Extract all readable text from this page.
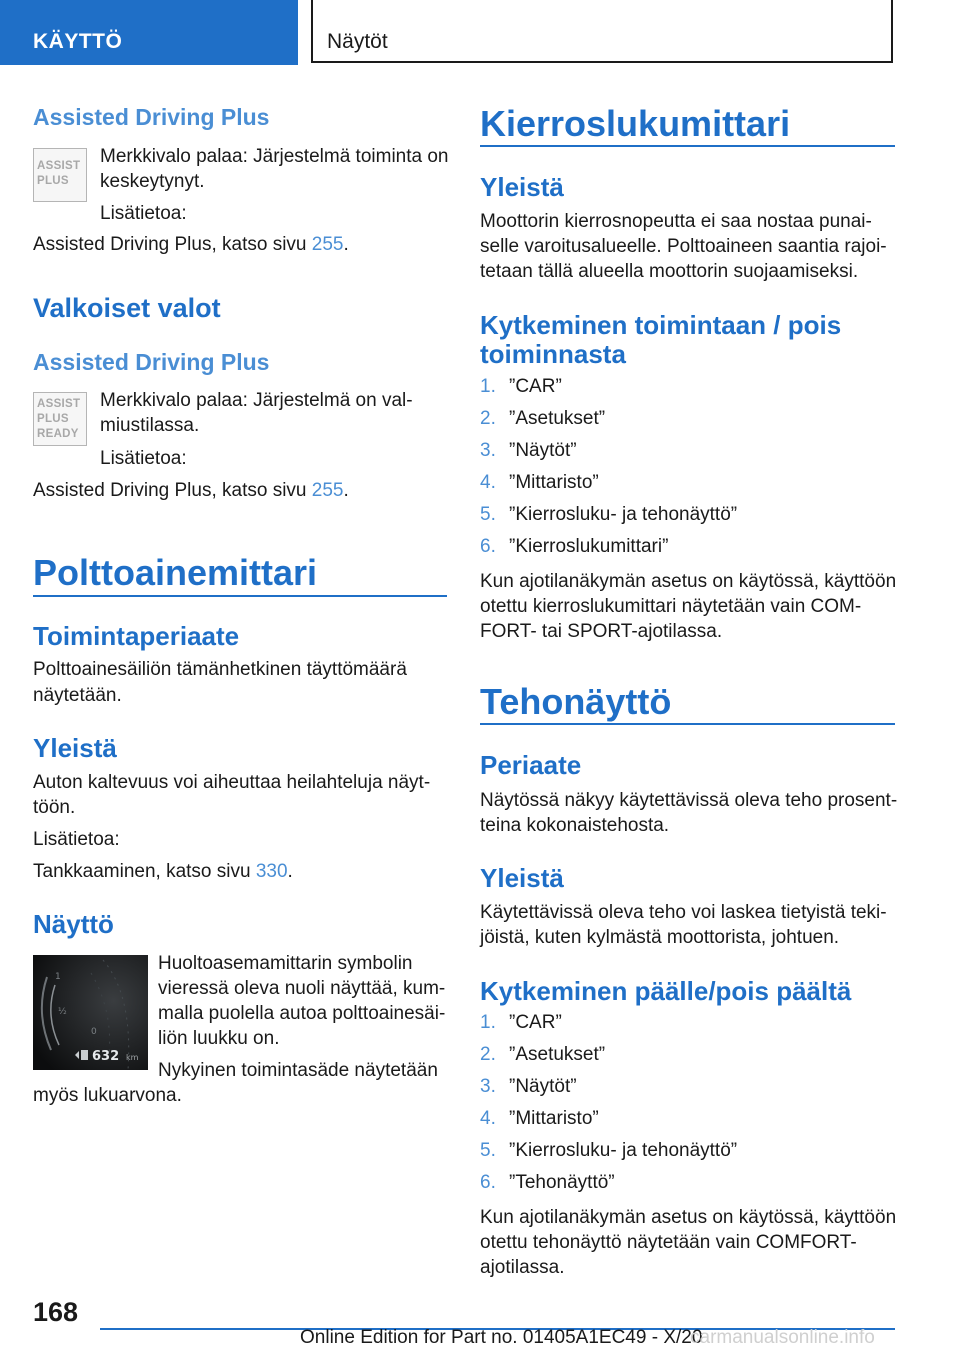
KÄYTTÖ	Näytöt
Assisted Driving Plus
ASSIST
PLUS
Merkkivalo palaa: Järjestelmä toiminta on
keskeytynyt.
Lisätietoa:
Assisted Driving Plus, katso sivu 255.
Valkoiset valot
Assisted Driving Plus
ASSIST
PLUS
READY
Merkkivalo palaa: Järjestelmä on val-
miustilassa.
Lisätietoa:
Assisted Driving Plus, katso sivu 255.
Polttoainemittari
Toimintaperiaate
Polttoainesäiliön tämänhetkinen täyttömäärä
näytetään.
Yleistä
Auton kaltevuus voi aiheuttaa heilahteluja näyt-
töön.
Lisätietoa:
Tankkaaminen, katso sivu 330.
Näyttö
1
½
0
632 km
Huoltoasemamittarin symbolin
vieressä oleva nuoli näyttää, kum-
malla puolella autoa polttoainesäi-
liön luukku on.
Nykyinen toimintasäde näytetään
myös lukuarvona.
Kierroslukumittari
Yleistä
Moottorin kierrosnopeutta ei saa nostaa punai-
selle varoitusalueelle. Polttoaineen saantia rajoi-
tetaan tällä alueella moottorin suojaamiseksi.
Kytkeminen toimintaan / pois
toiminnasta
1. ”CAR”
2. ”Asetukset”
3. ”Näytöt”
4. ”Mittaristo”
5. ”Kierrosluku- ja tehonäyttö”
6. ”Kierroslukumittari”
Kun ajotilanäkymän asetus on käytössä, käyttöön
otettu kierroslukumittari näytetään vain COM‐
FORT- tai SPORT-ajotilassa.
Tehonäyttö
Periaate
Näytössä näkyy käytettävissä oleva teho prosent-
teina kokonaistehosta.
Yleistä
Käytettävissä oleva teho voi laskea tietyistä teki-
jöistä, kuten kylmästä moottorista, johtuen.
Kytkeminen päälle/pois päältä
1. ”CAR”
2. ”Asetukset”
3. ”Näytöt”
4. ”Mittaristo”
5. ”Kierrosluku- ja tehonäyttö”
6. ”Tehonäyttö”
Kun ajotilanäkymän asetus on käytössä, käyttöön
otettu tehonäyttö näytetään vain COMFORT-
ajotilassa.
168
Online Edition for Part no. 01405A1EC49 - X/20
carmanualsonline.info
